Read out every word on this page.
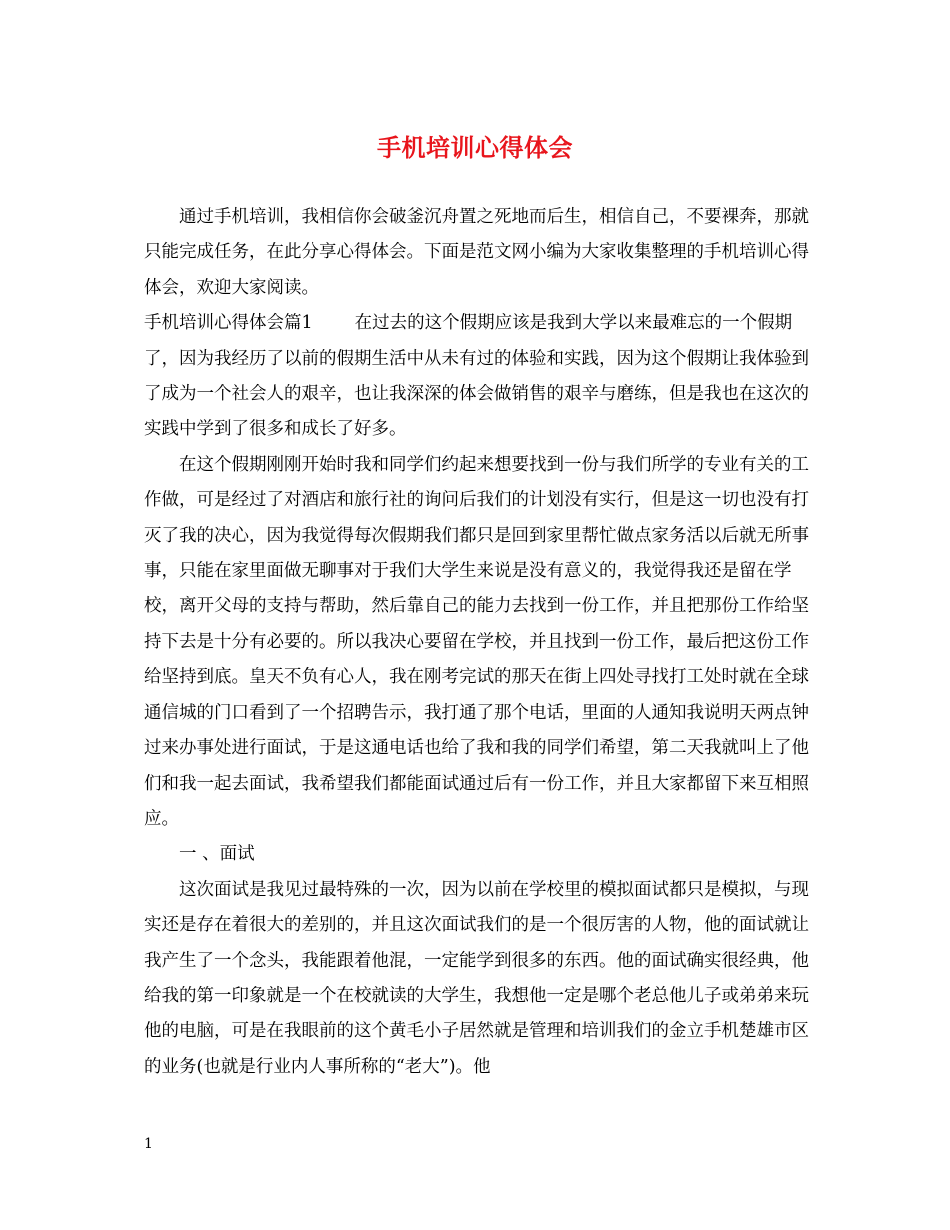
手机培训心得体会

通过手机培训，我相信你会破釜沉舟置之死地而后生，相信自己，不要裸奔，那就只能完成任务，在此分享心得体会。下面是范文网小编为大家收集整理的手机培训心得体会，欢迎大家阅读。

手机培训心得体会篇1 在过去的这个假期应该是我到大学以来最难忘的一个假期了，因为我经历了以前的假期生活中从未有过的体验和实践，因为这个假期让我体验到了成为一个社会人的艰辛，也让我深深的体会做销售的艰辛与磨练，但是我也在这次的实践中学到了很多和成长了好多。

在这个假期刚刚开始时我和同学们约起来想要找到一份与我们所学的专业有关的工作做，可是经过了对酒店和旅行社的询问后我们的计划没有实行，但是这一切也没有打灭了我的决心，因为我觉得每次假期我们都只是回到家里帮忙做点家务活以后就无所事事，只能在家里面做无聊事对于我们大学生来说是没有意义的，我觉得我还是留在学校，离开父母的支持与帮助，然后靠自己的能力去找到一份工作，并且把那份工作给坚持下去是十分有必要的。所以我决心要留在学校，并且找到一份工作，最后把这份工作给坚持到底。皇天不负有心人，我在刚考完试的那天在街上四处寻找打工处时就在全球通信城的门口看到了一个招聘告示，我打通了那个电话，里面的人通知我说明天两点钟过来办事处进行面试，于是这通电话也给了我和我的同学们希望，第二天我就叫上了他们和我一起去面试，我希望我们都能面试通过后有一份工作，并且大家都留下来互相照应。

一 、面试

这次面试是我见过最特殊的一次，因为以前在学校里的模拟面试都只是模拟，与现实还是存在着很大的差别的，并且这次面试我们的是一个很厉害的人物，他的面试就让我产生了一个念头，我能跟着他混，一定能学到很多的东西。他的面试确实很经典，他给我的第一印象就是一个在校就读的大学生，我想他一定是哪个老总他儿子或弟弟来玩他的电脑，可是在我眼前的这个黄毛小子居然就是管理和培训我们的金立手机楚雄市区的业务(也就是行业内人事所称的“老大”)。他

1
